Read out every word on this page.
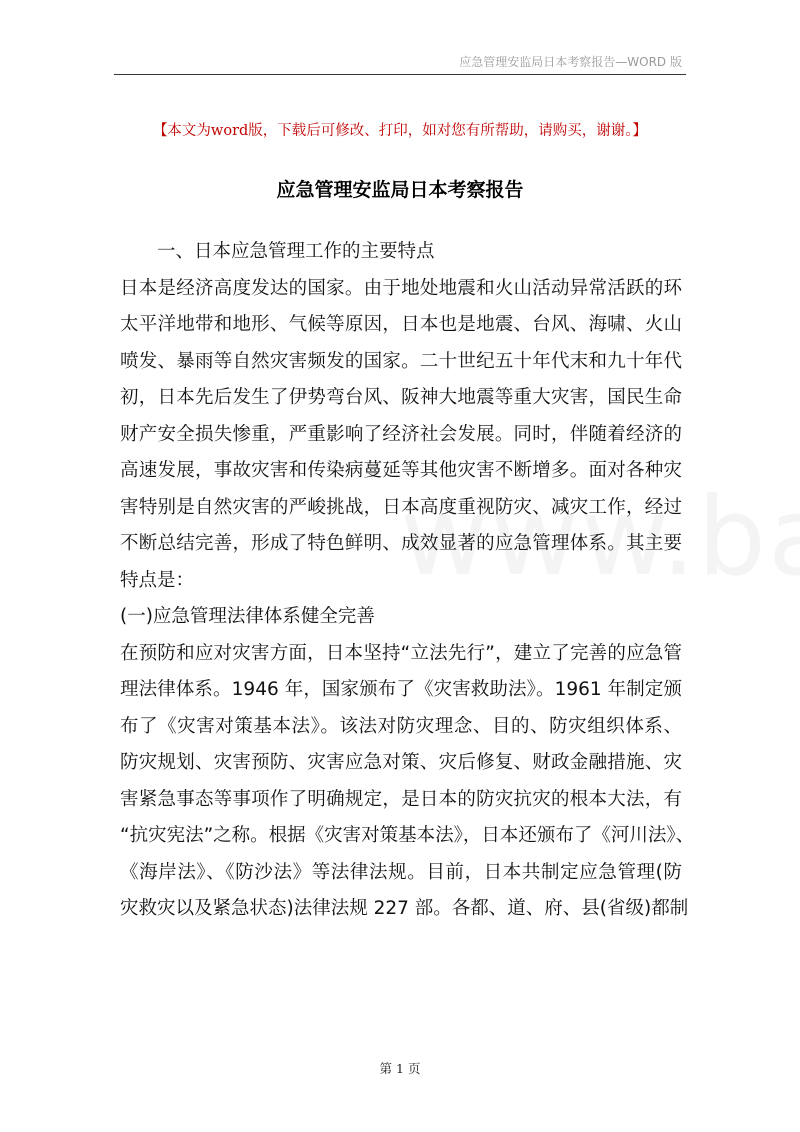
应急管理安监局日本考察报告—WORD 版
【本文为word版，下载后可修改、打印，如对您有所帮助，请购买，谢谢。】
应急管理安监局日本考察报告
一、日本应急管理工作的主要特点
日本是经济高度发达的国家。由于地处地震和火山活动异常活跃的环
太平洋地带和地形、气候等原因，日本也是地震、台风、海啸、火山
喷发、暴雨等自然灾害频发的国家。二十世纪五十年代末和九十年代
初，日本先后发生了伊势弯台风、阪神大地震等重大灾害，国民生命
财产安全损失惨重，严重影响了经济社会发展。同时，伴随着经济的
高速发展，事故灾害和传染病蔓延等其他灾害不断增多。面对各种灾
害特别是自然灾害的严峻挑战，日本高度重视防灾、减灾工作，经过
不断总结完善，形成了特色鲜明、成效显著的应急管理体系。其主要
特点是：
(一)应急管理法律体系健全完善
在预防和应对灾害方面，日本坚持“立法先行”，建立了完善的应急管
理法律体系。1946 年，国家颁布了《灾害救助法》。1961 年制定颁
布了《灾害对策基本法》。该法对防灾理念、目的、防灾组织体系、
防灾规划、灾害预防、灾害应急对策、灾后修复、财政金融措施、灾
害紧急事态等事项作了明确规定，是日本的防灾抗灾的根本大法，有
“抗灾宪法”之称。根据《灾害对策基本法》，日本还颁布了《河川法》、
《海岸法》、《防沙法》等法律法规。目前，日本共制定应急管理(防
灾救灾以及紧急状态)法律法规 227 部。各都、道、府、县(省级)都制
第 1 页
